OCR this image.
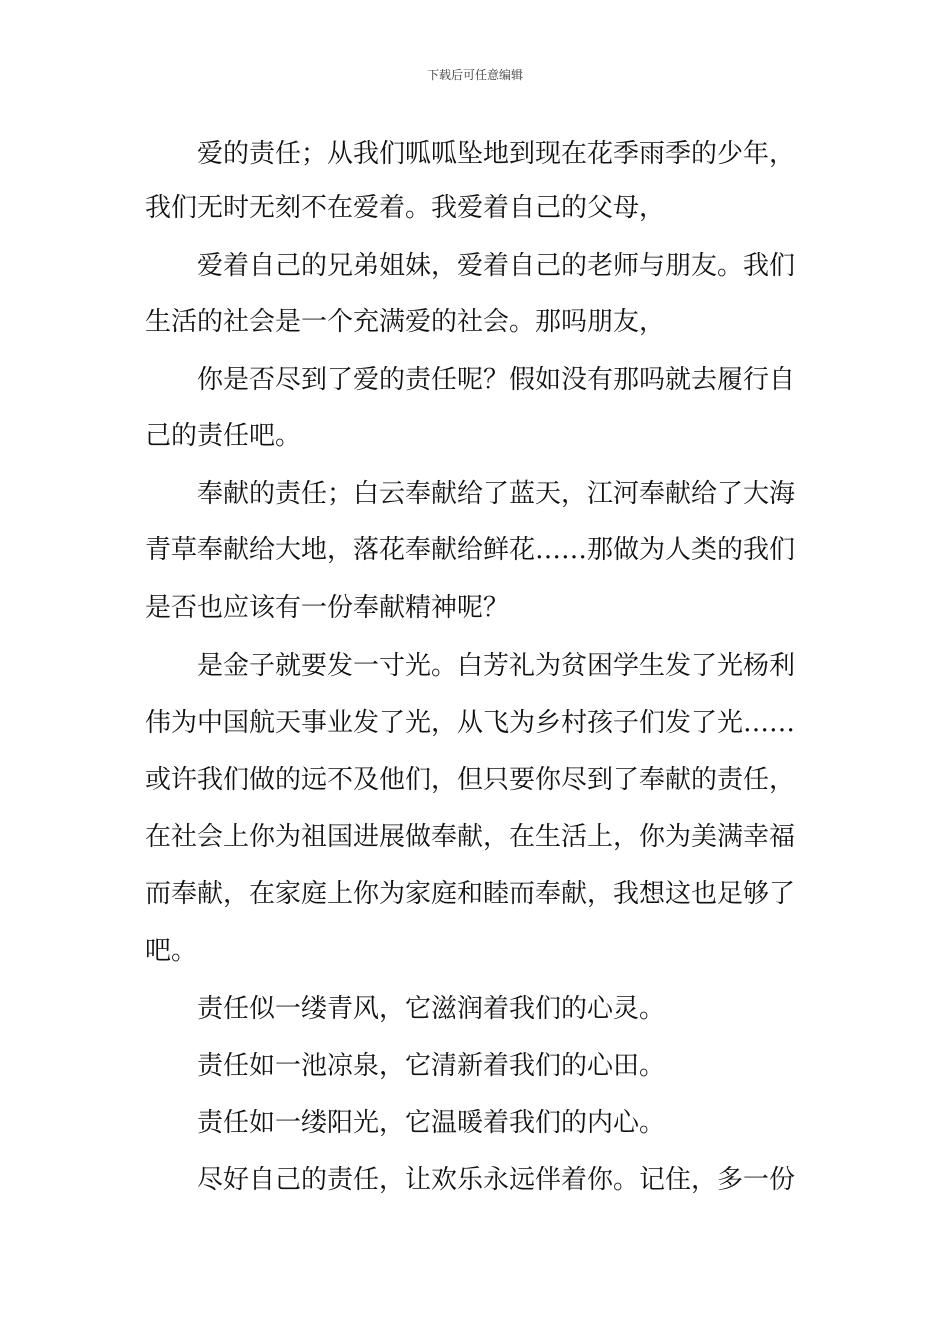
下载后可任意编辑
爱的责任；从我们呱呱坠地到现在花季雨季的少年，
我们无时无刻不在爱着。我爱着自己的父母，
爱着自己的兄弟姐妹，爱着自己的老师与朋友。我们
生活的社会是一个充满爱的社会。那吗朋友，
你是否尽到了爱的责任呢？假如没有那吗就去履行自
己的责任吧。
奉献的责任；白云奉献给了蓝天，江河奉献给了大海
青草奉献给大地，落花奉献给鲜花……那做为人类的我们
是否也应该有一份奉献精神呢？
是金子就要发一寸光。白芳礼为贫困学生发了光杨利
伟为中国航天事业发了光，从飞为乡村孩子们发了光……
或许我们做的远不及他们，但只要你尽到了奉献的责任，
在社会上你为祖国进展做奉献，在生活上，你为美满幸福
而奉献，在家庭上你为家庭和睦而奉献，我想这也足够了
吧。
责任似一缕青风，它滋润着我们的心灵。
责任如一池凉泉，它清新着我们的心田。
责任如一缕阳光，它温暖着我们的内心。
尽好自己的责任，让欢乐永远伴着你。记住，多一份
